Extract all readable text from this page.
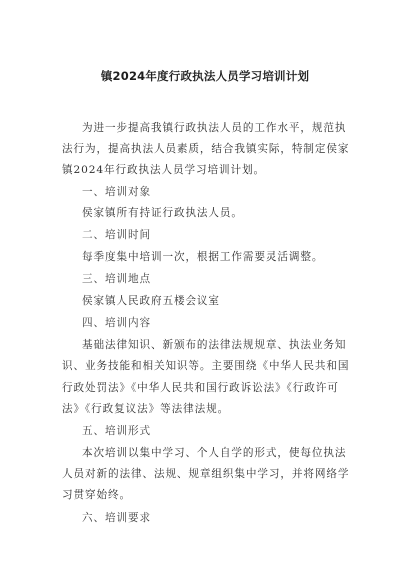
镇2024年度行政执法人员学习培训计划
为进一步提高我镇行政执法人员的工作水平，规范执
法行为，提高执法人员素质，结合我镇实际，特制定侯家
镇2024年行政执法人员学习培训计划。
一、培训对象
侯家镇所有持证行政执法人员。
二、培训时间
每季度集中培训一次，根据工作需要灵活调整。
三、培训地点
侯家镇人民政府五楼会议室
四、培训内容
基础法律知识、新颁布的法律法规规章、执法业务知
识、业务技能和相关知识等。主要围绕《中华人民共和国
行政处罚法》《中华人民共和国行政诉讼法》《行政许可
法》《行政复议法》等法律法规。
五、培训形式
本次培训以集中学习、个人自学的形式，使每位执法
人员对新的法律、法规、规章组织集中学习，并将网络学
习贯穿始终。
六、培训要求
